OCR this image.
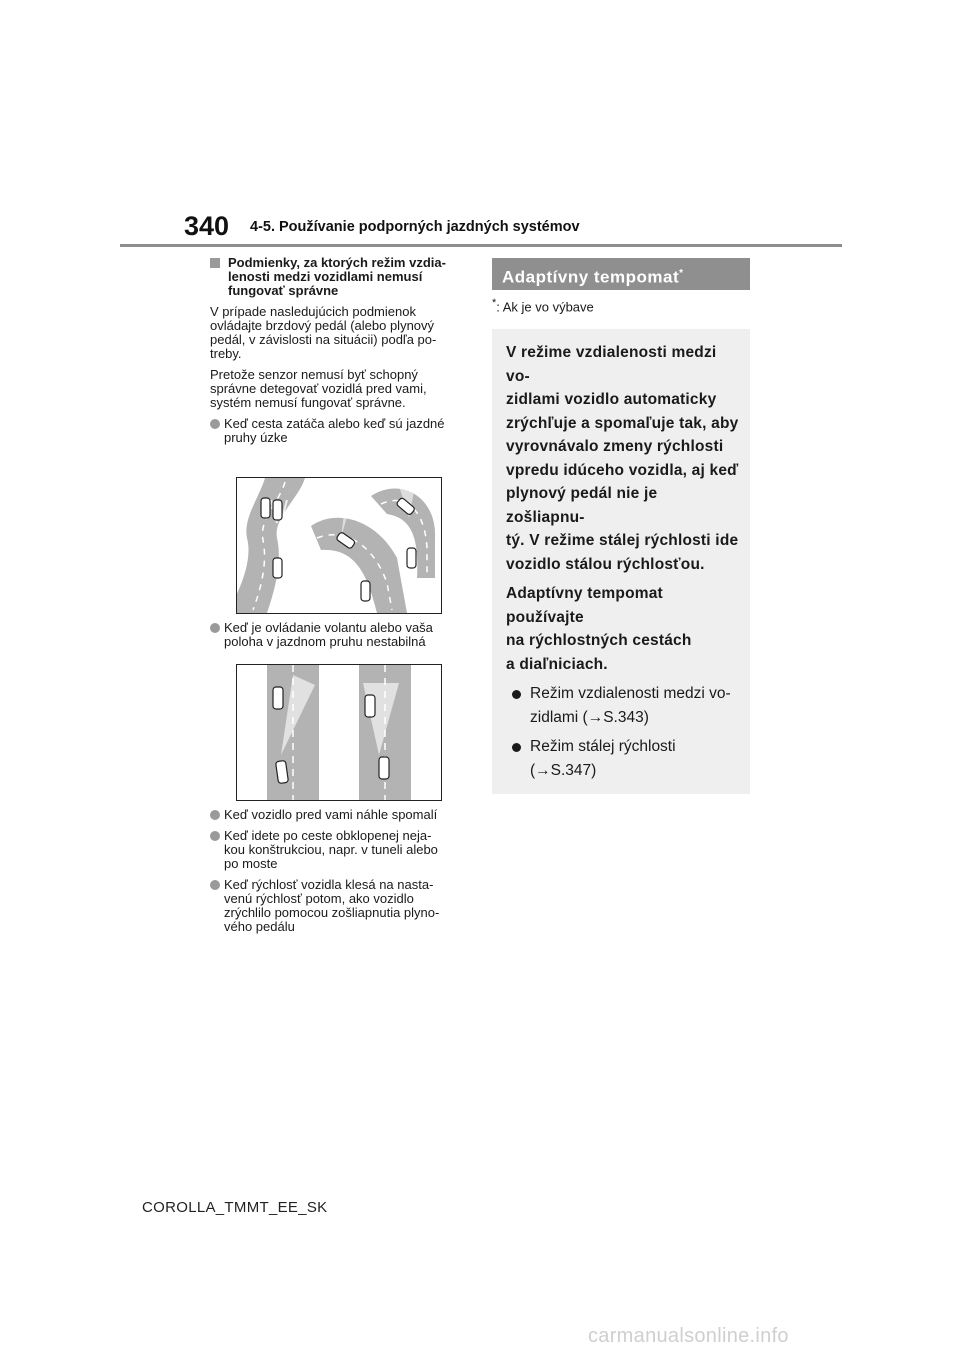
340 4-5. Používanie podporných jazdných systémov
Podmienky, za ktorých režim vzdia-
lenosti medzi vozidlami nemusí
fungovať správne
V prípade nasledujúcich podmienok
ovládajte brzdový pedál (alebo plynový
pedál, v závislosti na situácii) podľa po-
treby.
Pretože senzor nemusí byť schopný
správne detegovať vozidlá pred vami,
systém nemusí fungovať správne.
Keď cesta zatáča alebo keď sú jazdné
pruhy úzke
Keď je ovládanie volantu alebo vaša
poloha v jazdnom pruhu nestabilná
Keď vozidlo pred vami náhle spomalí
Keď idete po ceste obklopenej neja-
kou konštrukciou, napr. v tuneli alebo
po moste
Keď rýchlosť vozidla klesá na nasta-
venú rýchlosť potom, ako vozidlo
zrýchlilo pomocou zošliapnutia plyno-
vého pedálu
Adaptívny tempomat*
*: Ak je vo výbave

V režime vzdialenosti medzi vo-
zidlami vozidlo automaticky
zrýchľuje a spomaľuje tak, aby
vyrovnávalo zmeny rýchlosti
vpredu idúceho vozidla, aj keď
plynový pedál nie je zošliapnu-
tý. V režime stálej rýchlosti ide
vozidlo stálou rýchlosťou.

Adaptívny tempomat používajte
na rýchlostných cestách
a diaľniciach.

Režim vzdialenosti medzi vo-
zidlami (→S.343)
Režim stálej rýchlosti (→S.347)
COROLLA_TMMT_EE_SK
carmanualsonline.info
